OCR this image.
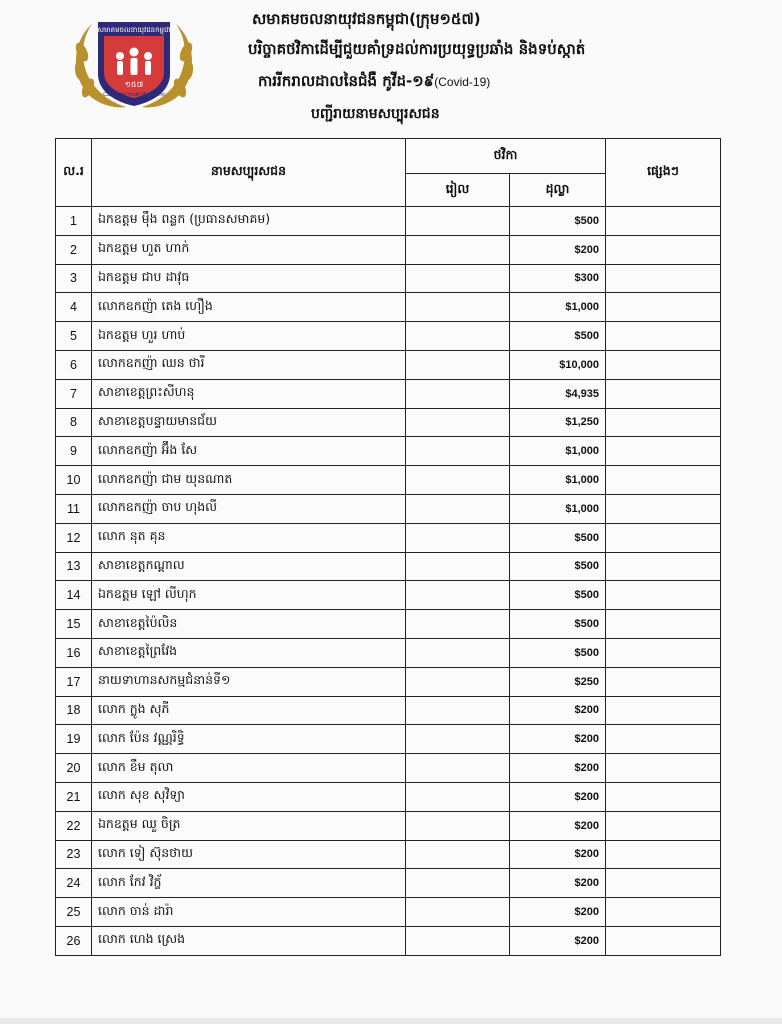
សមាគមចលនាយុវជនកម្ពុជា
១៥៧
Cambodia Youth Movement
សមាគមចលនាយុវជនកម្ពុជា(ក្រុម១៥៧)
បរិច្ចាគថវិកាដើម្បីជួយគាំទ្រដល់ការប្រយុទ្ធប្រឆាំង និងទប់ស្កាត់
ការរីករាលដាលនៃជំងឺ កូវីដ-១៩(Covid-19)
បញ្ជីរាយនាមសប្បុរសជន
ល.រ	នាមសប្បុរសជន	ថវិកា		ផ្សេងៗ
		រៀល	ដុល្លា	
1	ឯកឧត្តម មុឹង ពន្លក (ប្រធានសមាគម)		$500	
2	ឯកឧត្តម ហួត ហាក់		$200	
3	ឯកឧត្តម ជាប ដាវុធ		$300	
4	លោកឧកញ៉ា តេង ហឿង		$1,000	
5	ឯកឧត្តម ហួរ ហាប់		$500	
6	លោកឧកញ៉ា ឈន ថារី		$10,000	
7	សាខាខេត្តព្រះសីហនុ		$4,935	
8	សាខាខេត្តបន្ទាយមានជ័យ		$1,250	
9	លោកឧកញ៉ា អ៊ឹង សែ		$1,000	
10	លោកឧកញ៉ា ជាម យុនណាត		$1,000	
11	លោកឧកញ៉ា ចាប ហុងលី		$1,000	
12	លោក នុត គុន		$500	
13	សាខាខេត្តកណ្តាល		$500	
14	ឯកឧត្តម ឡៅ លីហុក		$500	
15	សាខាខេត្តប៉ៃលិន		$500	
16	សាខាខេត្តព្រៃវែង		$500	
17	នាយទាហានសកម្មជំនាន់ទី១		$250	
18	លោក ក្លូង សុភី		$200	
19	លោក ប៉ែន វណ្ណរិទ្ធិ		$200	
20	លោក ខឹម តុលា		$200	
21	លោក សុខ សុវិទ្យា		$200	
22	ឯកឧត្តម ឈួ ចិត្រ		$200	
23	លោក ទៀ ស៊ុនថាយ		$200	
24	លោក កែវ វិក្ខ័		$200	
25	លោក ចាន់ ដារ៉ា		$200	
26	លោក ហេង ស្រេង		$200	
